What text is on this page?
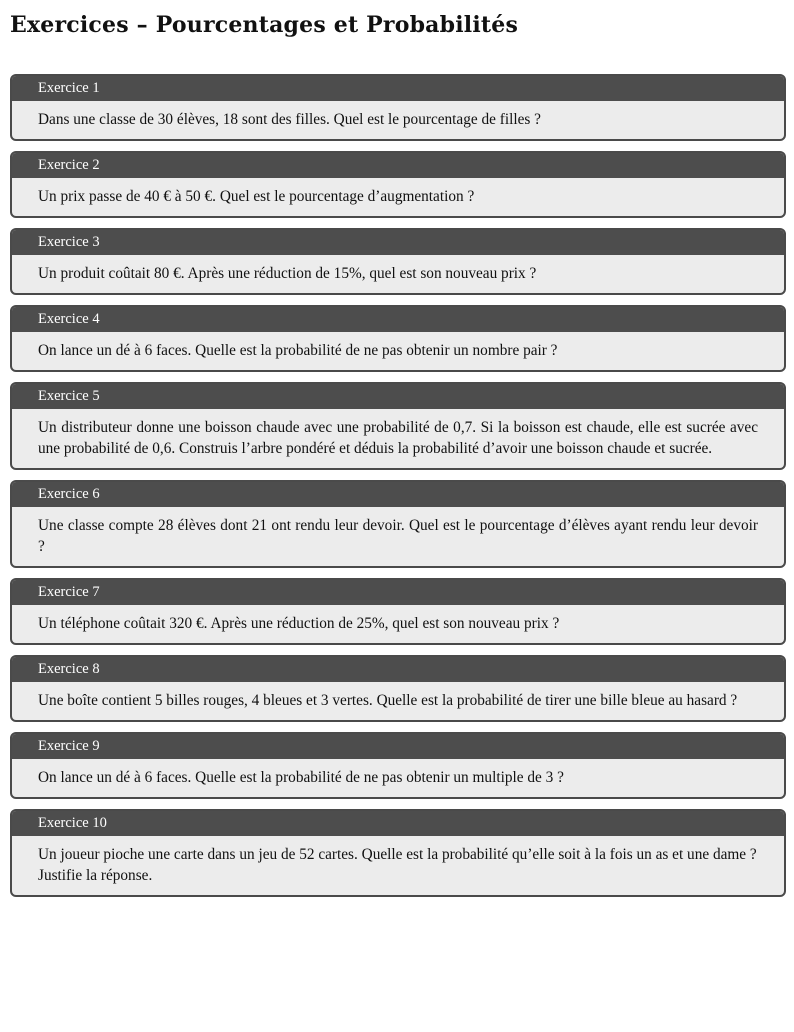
Exercices – Pourcentages et Probabilités
Exercice 1

Dans une classe de 30 élèves, 18 sont des filles. Quel est le pourcentage de filles ?

Exercice 2

Un prix passe de 40 € à 50 €. Quel est le pourcentage d’augmentation ?

Exercice 3

Un produit coûtait 80 €. Après une réduction de 15%, quel est son nouveau prix ?

Exercice 4

On lance un dé à 6 faces. Quelle est la probabilité de ne pas obtenir un nombre pair ?

Exercice 5

Un distributeur donne une boisson chaude avec une probabilité de 0,7. Si la boisson est chaude, elle est sucrée avec une probabilité de 0,6. Construis l’arbre pondéré et déduis la probabilité d’avoir une boisson chaude et sucrée.

Exercice 6

Une classe compte 28 élèves dont 21 ont rendu leur devoir. Quel est le pourcentage d’élèves ayant rendu leur devoir ?

Exercice 7

Un téléphone coûtait 320 €. Après une réduction de 25%, quel est son nouveau prix ?

Exercice 8

Une boîte contient 5 billes rouges, 4 bleues et 3 vertes. Quelle est la probabilité de tirer une bille bleue au hasard ?

Exercice 9

On lance un dé à 6 faces. Quelle est la probabilité de ne pas obtenir un multiple de 3 ?

Exercice 10

Un joueur pioche une carte dans un jeu de 52 cartes. Quelle est la probabilité qu’elle soit à la fois un as et une dame ?

Justifie la réponse.
